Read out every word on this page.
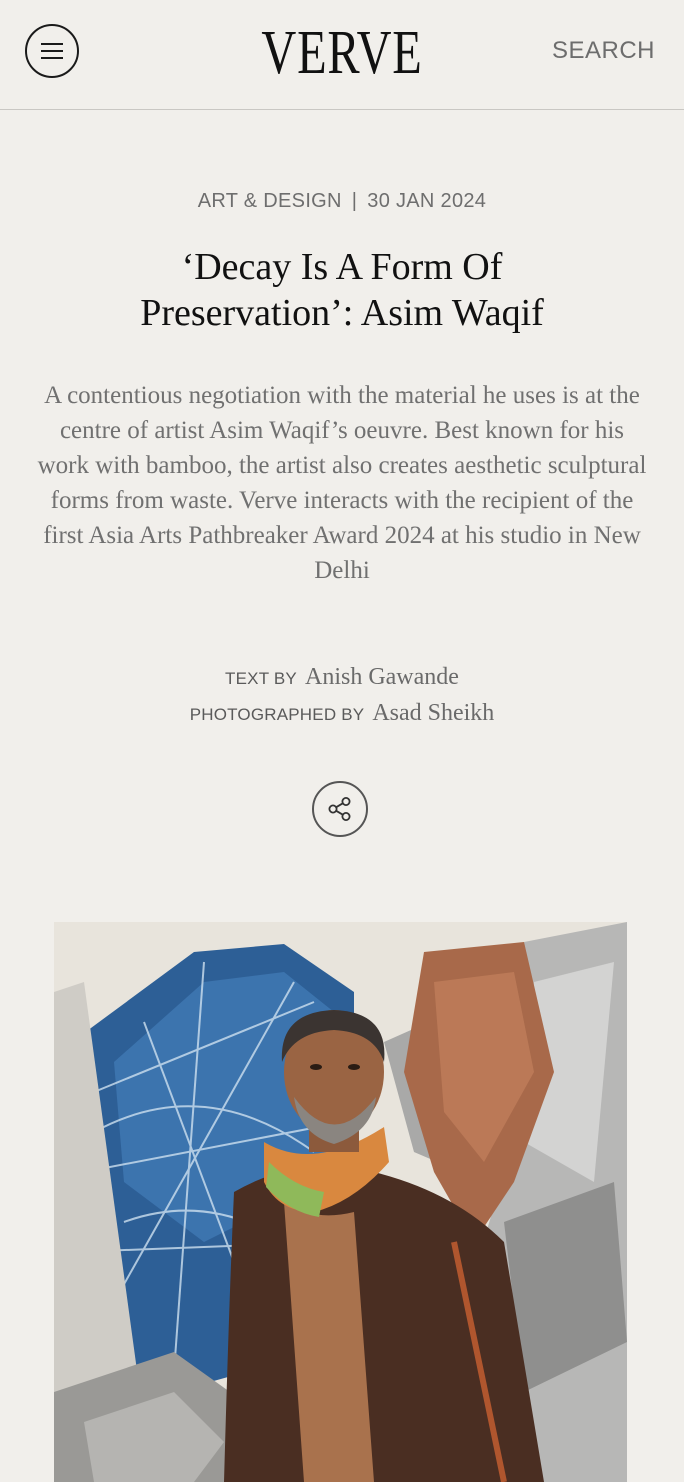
VERVE	SEARCH
ART & DESIGN | 30 JAN 2024
‘Decay Is A Form Of
Preservation’: Asim Waqif

A contentious negotiation with the material he uses is at the centre of artist Asim Waqif’s oeuvre. Best known for his work with bamboo, the artist also creates aesthetic sculptural forms from waste. Verve interacts with the recipient of the first Asia Arts Pathbreaker Award 2024 at his studio in New Delhi

TEXT BY Anish Gawande
PHOTOGRAPHED BY Asad Sheikh
